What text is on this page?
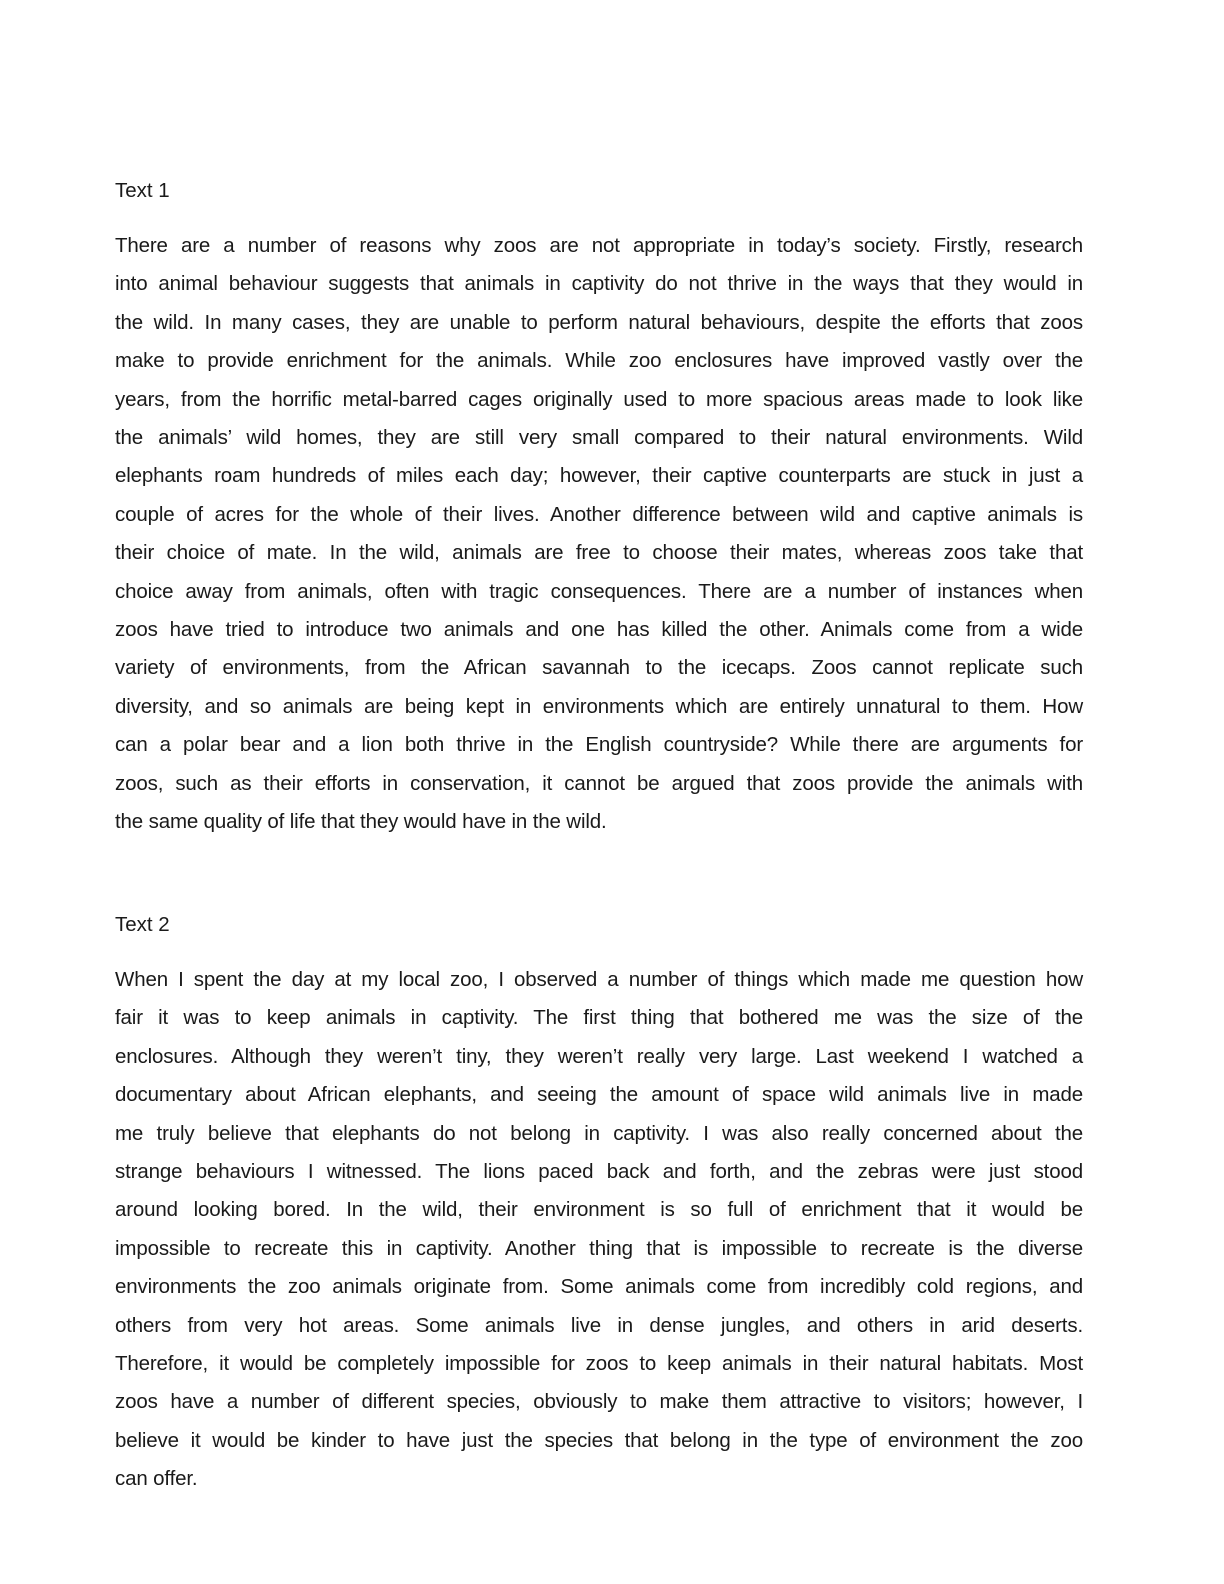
Text 1

There are a number of reasons why zoos are not appropriate in today’s society. Firstly, research
into animal behaviour suggests that animals in captivity do not thrive in the ways that they would in
the wild. In many cases, they are unable to perform natural behaviours, despite the efforts that zoos
make to provide enrichment for the animals. While zoo enclosures have improved vastly over the
years, from the horrific metal-barred cages originally used to more spacious areas made to look like
the animals’ wild homes, they are still very small compared to their natural environments. Wild
elephants roam hundreds of miles each day; however, their captive counterparts are stuck in just a
couple of acres for the whole of their lives. Another difference between wild and captive animals is
their choice of mate. In the wild, animals are free to choose their mates, whereas zoos take that
choice away from animals, often with tragic consequences. There are a number of instances when
zoos have tried to introduce two animals and one has killed the other. Animals come from a wide
variety of environments, from the African savannah to the icecaps. Zoos cannot replicate such
diversity, and so animals are being kept in environments which are entirely unnatural to them. How
can a polar bear and a lion both thrive in the English countryside? While there are arguments for
zoos, such as their efforts in conservation, it cannot be argued that zoos provide the animals with
the same quality of life that they would have in the wild.

Text 2

When I spent the day at my local zoo, I observed a number of things which made me question how
fair it was to keep animals in captivity. The first thing that bothered me was the size of the
enclosures. Although they weren’t tiny, they weren’t really very large. Last weekend I watched a
documentary about African elephants, and seeing the amount of space wild animals live in made
me truly believe that elephants do not belong in captivity. I was also really concerned about the
strange behaviours I witnessed. The lions paced back and forth, and the zebras were just stood
around looking bored. In the wild, their environment is so full of enrichment that it would be
impossible to recreate this in captivity. Another thing that is impossible to recreate is the diverse
environments the zoo animals originate from. Some animals come from incredibly cold regions, and
others from very hot areas. Some animals live in dense jungles, and others in arid deserts.
Therefore, it would be completely impossible for zoos to keep animals in their natural habitats. Most
zoos have a number of different species, obviously to make them attractive to visitors; however, I
believe it would be kinder to have just the species that belong in the type of environment the zoo
can offer.
